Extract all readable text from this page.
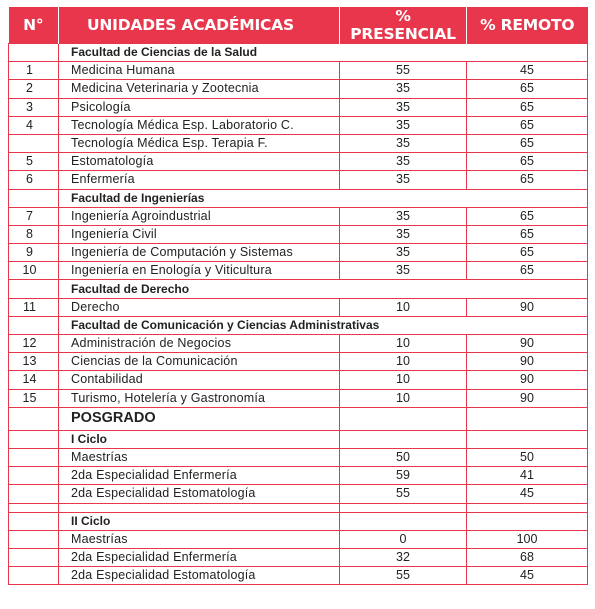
N°	UNIDADES ACADÉMICAS	% PRESENCIAL	% REMOTO
	Facultad de Ciencias de la Salud		
1	Medicina Humana	55	45
2	Medicina Veterinaria y Zootecnia	35	65
3	Psicología	35	65
4	Tecnología Médica Esp. Laboratorio C.	35	65
	Tecnología Médica Esp. Terapia F.	35	65
5	Estomatología	35	65
6	Enfermería	35	65
	Facultad de Ingenierías		
7	Ingeniería Agroindustrial	35	65
8	Ingeniería Civil	35	65
9	Ingeniería de Computación y Sistemas	35	65
10	Ingeniería en Enología y Viticultura	35	65
	Facultad de Derecho		
11	Derecho	10	90
	Facultad de Comunicación y Ciencias Administrativas		
12	Administración de Negocios	10	90
13	Ciencias de la Comunicación	10	90
14	Contabilidad	10	90
15	Turismo, Hotelería y Gastronomía	10	90
	POSGRADO		
	I Ciclo		
	Maestrías	50	50
	2da Especialidad Enfermería	59	41
	2da Especialidad Estomatología	55	45

	II Ciclo		
	Maestrías	0	100
	2da Especialidad Enfermería	32	68
	2da Especialidad Estomatología	55	45
